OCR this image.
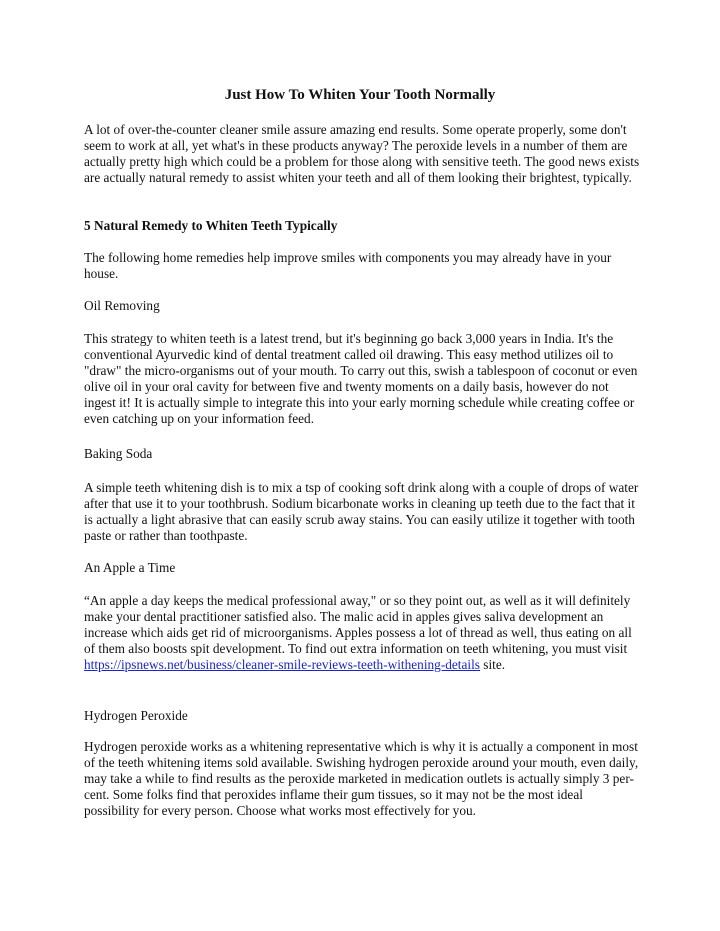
Just How To Whiten Your Tooth Normally

A lot of over-the-counter cleaner smile assure amazing end results. Some operate properly, some don't seem to work at all, yet what's in these products anyway? The peroxide levels in a number of them are actually pretty high which could be a problem for those along with sensitive teeth. The good news exists are actually natural remedy to assist whiten your teeth and all of them looking their brightest, typically.

5 Natural Remedy to Whiten Teeth Typically

The following home remedies help improve smiles with components you may already have in your house.

Oil Removing

This strategy to whiten teeth is a latest trend, but it's beginning go back 3,000 years in India. It's the conventional Ayurvedic kind of dental treatment called oil drawing. This easy method utilizes oil to "draw" the micro-organisms out of your mouth. To carry out this, swish a tablespoon of coconut or even olive oil in your oral cavity for between five and twenty moments on a daily basis, however do not ingest it! It is actually simple to integrate this into your early morning schedule while creating coffee or even catching up on your information feed.

Baking Soda

A simple teeth whitening dish is to mix a tsp of cooking soft drink along with a couple of drops of water after that use it to your toothbrush. Sodium bicarbonate works in cleaning up teeth due to the fact that it is actually a light abrasive that can easily scrub away stains. You can easily utilize it together with tooth paste or rather than toothpaste.

An Apple a Time

“An apple a day keeps the medical professional away," or so they point out, as well as it will definitely make your dental practitioner satisfied also. The malic acid in apples gives saliva development an increase which aids get rid of microorganisms. Apples possess a lot of thread as well, thus eating on all of them also boosts spit development. To find out extra information on teeth whitening, you must visit https://ipsnews.net/business/cleaner-smile-reviews-teeth-withening-details site.

Hydrogen Peroxide

Hydrogen peroxide works as a whitening representative which is why it is actually a component in most of the teeth whitening items sold available. Swishing hydrogen peroxide around your mouth, even daily, may take a while to find results as the peroxide marketed in medication outlets is actually simply 3 per-cent. Some folks find that peroxides inflame their gum tissues, so it may not be the most ideal possibility for every person. Choose what works most effectively for you.
